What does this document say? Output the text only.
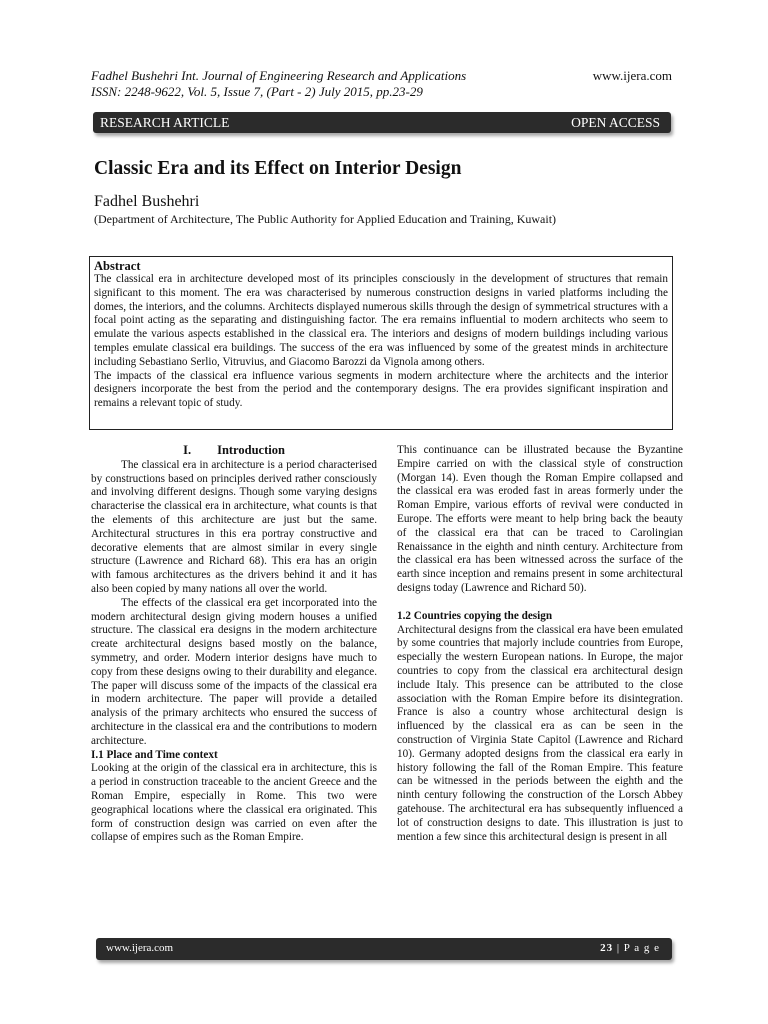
Fadhel Bushehri Int. Journal of Engineering Research and Applications
ISSN: 2248-9622, Vol. 5, Issue 7, (Part - 2) July 2015, pp.23-29
www.ijera.com
RESEARCH ARTICLE	OPEN ACCESS
Classic Era and its Effect on Interior Design
Fadhel Bushehri
(Department of Architecture, The Public Authority for Applied Education and Training, Kuwait)
Abstract

The classical era in architecture developed most of its principles consciously in the development of structures that remain significant to this moment. The era was characterised by numerous construction designs in varied platforms including the domes, the interiors, and the columns. Architects displayed numerous skills through the design of symmetrical structures with a focal point acting as the separating and distinguishing factor. The era remains influential to modern architects who seem to emulate the various aspects established in the classical era. The interiors and designs of modern buildings including various temples emulate classical era buildings. The success of the era was influenced by some of the greatest minds in architecture including Sebastiano Serlio, Vitruvius, and Giacomo Barozzi da Vignola among others.

The impacts of the classical era influence various segments in modern architecture where the architects and the interior designers incorporate the best from the period and the contemporary designs. The era provides significant inspiration and remains a relevant topic of study.

I. Introduction

The classical era in architecture is a period characterised by constructions based on principles derived rather consciously and involving different designs. Though some varying designs characterise the classical era in architecture, what counts is that the elements of this architecture are just but the same. Architectural structures in this era portray constructive and decorative elements that are almost similar in every single structure (Lawrence and Richard 68). This era has an origin with famous architectures as the drivers behind it and it has also been copied by many nations all over the world.

The effects of the classical era get incorporated into the modern architectural design giving modern houses a unified structure. The classical era designs in the modern architecture create architectural designs based mostly on the balance, symmetry, and order. Modern interior designs have much to copy from these designs owing to their durability and elegance. The paper will discuss some of the impacts of the classical era in modern architecture. The paper will provide a detailed analysis of the primary architects who ensured the success of architecture in the classical era and the contributions to modern architecture.

I.1 Place and Time context

Looking at the origin of the classical era in architecture, this is a period in construction traceable to the ancient Greece and the Roman Empire, especially in Rome. This two were geographical locations where the classical era originated. This form of construction design was carried on even after the collapse of empires such as the Roman Empire.

This continuance can be illustrated because the Byzantine Empire carried on with the classical style of construction (Morgan 14). Even though the Roman Empire collapsed and the classical era was eroded fast in areas formerly under the Roman Empire, various efforts of revival were conducted in Europe. The efforts were meant to help bring back the beauty of the classical era that can be traced to Carolingian Renaissance in the eighth and ninth century. Architecture from the classical era has been witnessed across the surface of the earth since inception and remains present in some architectural designs today (Lawrence and Richard 50).

1.2 Countries copying the design

Architectural designs from the classical era have been emulated by some countries that majorly include countries from Europe, especially the western European nations. In Europe, the major countries to copy from the classical era architectural design include Italy. This presence can be attributed to the close association with the Roman Empire before its disintegration. France is also a country whose architectural design is influenced by the classical era as can be seen in the construction of Virginia State Capitol (Lawrence and Richard 10). Germany adopted designs from the classical era early in history following the fall of the Roman Empire. This feature can be witnessed in the periods between the eighth and the ninth century following the construction of the Lorsch Abbey gatehouse. The architectural era has subsequently influenced a lot of construction designs to date. This illustration is just to mention a few since this architectural design is present in all

www.ijera.com	23 | P a g e
